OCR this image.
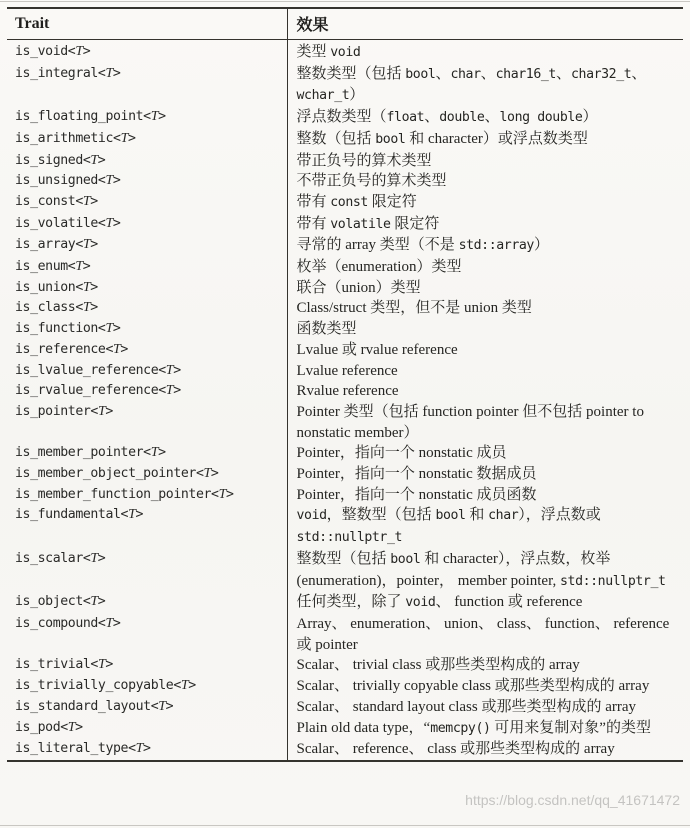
Trait	效果
is_void<T>	类型 void
is_integral<T>	整数类型（包括 bool、char、char16_t、char32_t、wchar_t）
is_floating_point<T>	浮点数类型（float、double、long double）
is_arithmetic<T>	整数（包括 bool 和 character）或浮点数类型
is_signed<T>	带正负号的算术类型
is_unsigned<T>	不带正负号的算术类型
is_const<T>	带有 const 限定符
is_volatile<T>	带有 volatile 限定符
is_array<T>	寻常的 array 类型（不是 std::array）
is_enum<T>	枚举（enumeration）类型
is_union<T>	联合（union）类型
is_class<T>	Class/struct 类型，但不是 union 类型
is_function<T>	函数类型
is_reference<T>	Lvalue 或 rvalue reference
is_lvalue_reference<T>	Lvalue reference
is_rvalue_reference<T>	Rvalue reference
is_pointer<T>	Pointer 类型（包括 function pointer 但不包括 pointer to nonstatic member）
is_member_pointer<T>	Pointer，指向一个 nonstatic 成员
is_member_object_pointer<T>	Pointer，指向一个 nonstatic 数据成员
is_member_function_pointer<T>	Pointer，指向一个 nonstatic 成员函数
is_fundamental<T>	void，整数型（包括 bool 和 char），浮点数或std::nullptr_t
is_scalar<T>	整数型（包括 bool 和 character），浮点数，枚举 (enumeration)，pointer， member pointer, std::nullptr_t
is_object<T>	任何类型，除了 void、 function 或 reference
is_compound<T>	Array、 enumeration、 union、 class、 function、 reference 或 pointer
is_trivial<T>	Scalar、 trivial class 或那些类型构成的 array
is_trivially_copyable<T>	Scalar、 trivially copyable class 或那些类型构成的 array
is_standard_layout<T>	Scalar、 standard layout class 或那些类型构成的 array
is_pod<T>	Plain old data type，“memcpy() 可用来复制对象”的类型
is_literal_type<T>	Scalar、 reference、 class 或那些类型构成的 array
https://blog.csdn.net/qq_41671472
